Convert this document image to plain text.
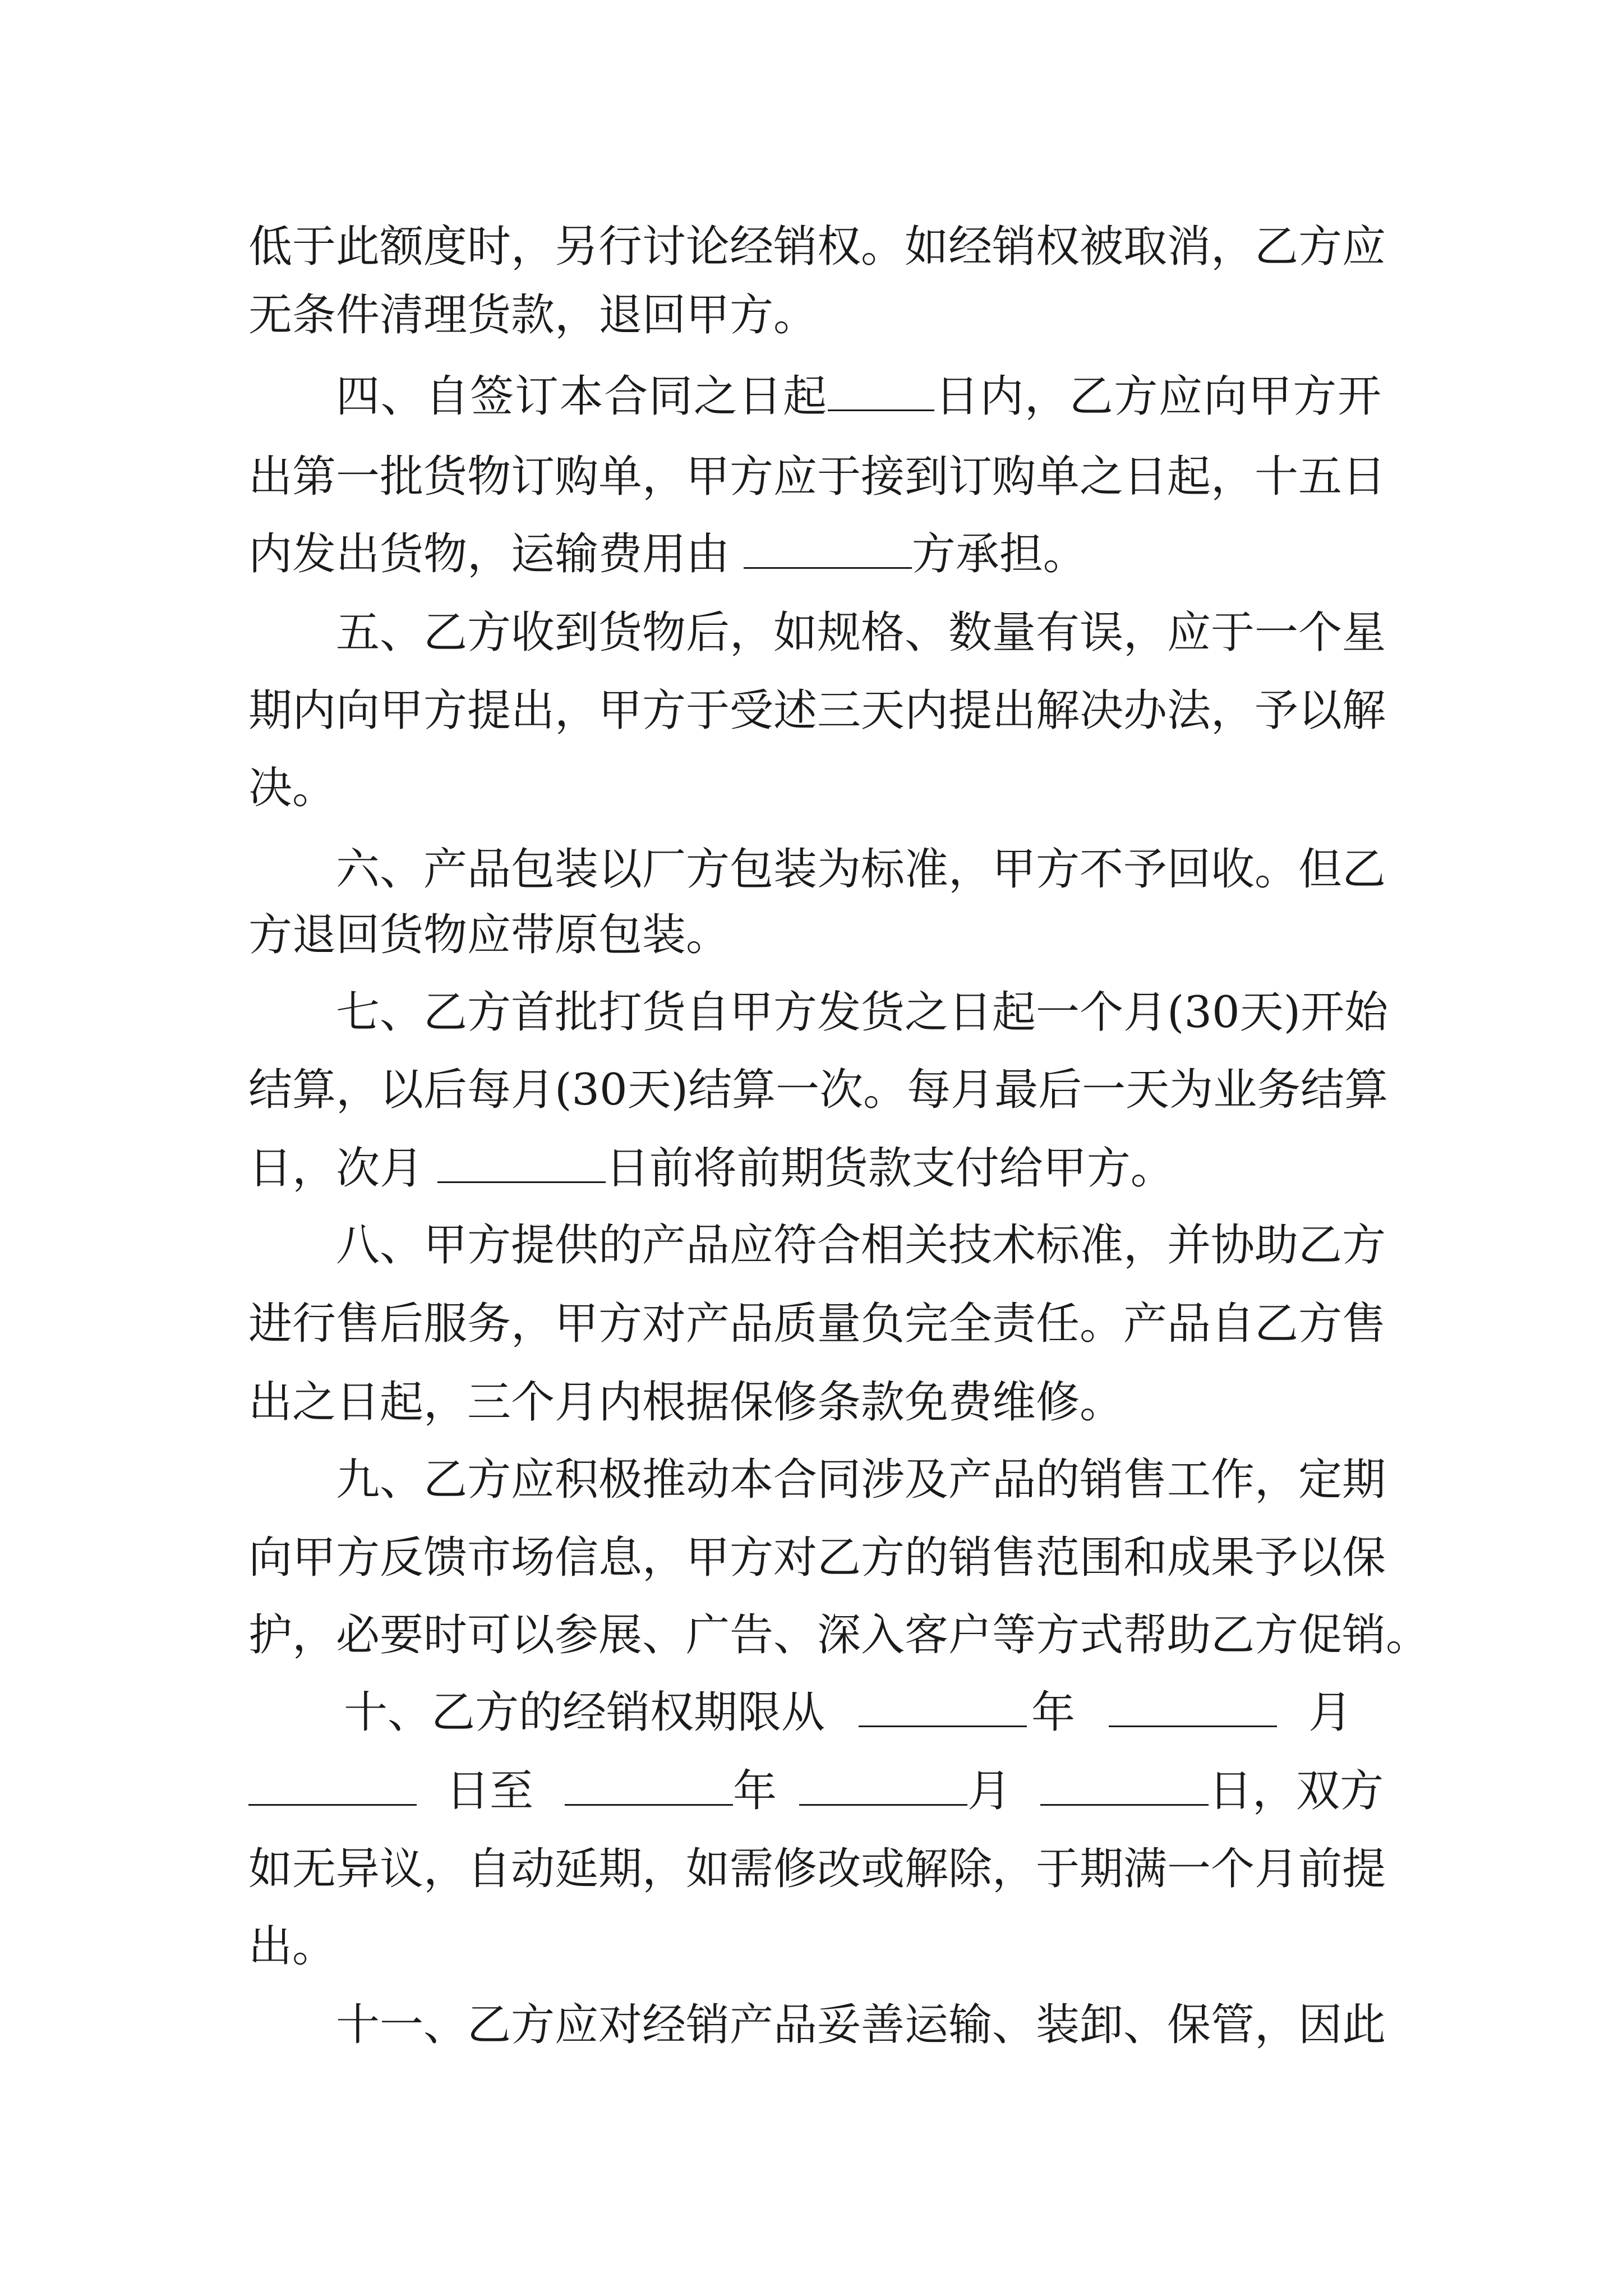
低于此额度时，另行讨论经销权。如经销权被取消，乙方应

无条件清理货款，退回甲方。

四、自签订本合同之日起 日内，乙方应向甲方开

出第一批货物订购单，甲方应于接到订购单之日起，十五日

内发出货物，运输费用由	方承担。

五、乙方收到货物后，如规格、数量有误，应于一个星

期内向甲方提出，甲方于受述三天内提出解决办法，予以解

决。

六、产品包装以厂方包装为标准，甲方不予回收。但乙

方退回货物应带原包装。

七、乙方首批打货自甲方发货之日起一个月(30天)开始

结算，以后每月(30天)结算一次。每月最后一天为业务结算

日，次月	日前将前期货款支付给甲方。

八、甲方提供的产品应符合相关技术标准，并协助乙方

进行售后服务，甲方对产品质量负完全责任。产品自乙方售

出之日起，三个月内根据保修条款免费维修。

九、乙方应积极推动本合同涉及产品的销售工作，定期

向甲方反馈市场信息，甲方对乙方的销售范围和成果予以保

护，必要时可以参展、广告、深入客户等方式帮助乙方促销。

十、乙方的经销权期限从	年	月

日至	年	月	日，双方

如无异议，自动延期，如需修改或解除，于期满一个月前提

出。

十一、乙方应对经销产品妥善运输、装卸、保管，因此
